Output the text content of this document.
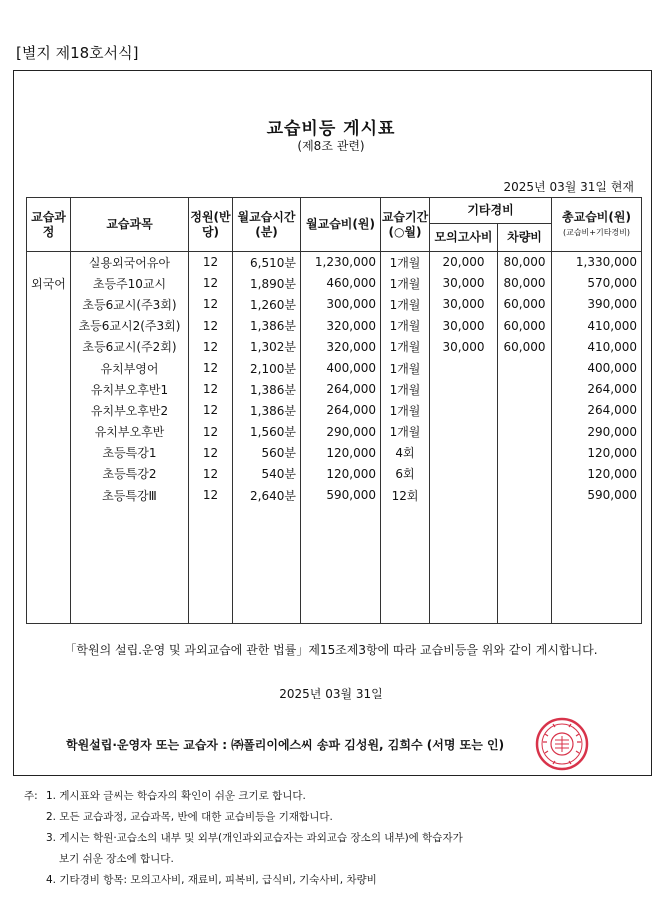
[별지 제18호서식]
교습비등 게시표
(제8조 관련)
2025년 03월 31일 현재
교습과정	교습과목	정원(반당)	월교습시간(분)	월교습비(원)	교습기간(○월)	기타경비		총교습비(원)
(교습비+기타경비)

						모의고사비	차량비	
	실용외국어유아	12	6,510분	1,230,000	1개월	20,000	80,000	1,330,000
외국어	초등주10교시	12	1,890분	460,000	1개월	30,000	80,000	570,000
	초등6교시(주3회)	12	1,260분	300,000	1개월	30,000	60,000	390,000
	초등6교시2(주3회)	12	1,386분	320,000	1개월	30,000	60,000	410,000
	초등6교시(주2회)	12	1,302분	320,000	1개월	30,000	60,000	410,000
	유치부영어	12	2,100분	400,000	1개월			400,000
	유치부오후반1	12	1,386분	264,000	1개월			264,000
	유치부오후반2	12	1,386분	264,000	1개월			264,000
	유치부오후반	12	1,560분	290,000	1개월			290,000
	초등특강1	12	560분	120,000	4회			120,000
	초등특강2	12	540분	120,000	6회			120,000
	초등특강Ⅲ	12	2,640분	590,000	12회			590,000

「학원의 설립.운영 및 과외교습에 관한 법률」제15조제3항에 따라 교습비등을 위와 같이 게시합니다.
2025년 03월 31일
학원설립·운영자 또는 교습자 : ㈜폴리이에스씨 송파 김성원, 김희수 (서명 또는 인)
주: 1. 게시표와 글씨는 학습자의 확인이 쉬운 크기로 합니다.
2. 모든 교습과정, 교습과목, 반에 대한 교습비등을 기재합니다.
3. 게시는 학원·교습소의 내부 및 외부(개인과외교습자는 과외교습 장소의 내부)에 학습자가
보기 쉬운 장소에 합니다.
4. 기타경비 항목: 모의고사비, 재료비, 피복비, 급식비, 기숙사비, 차량비
